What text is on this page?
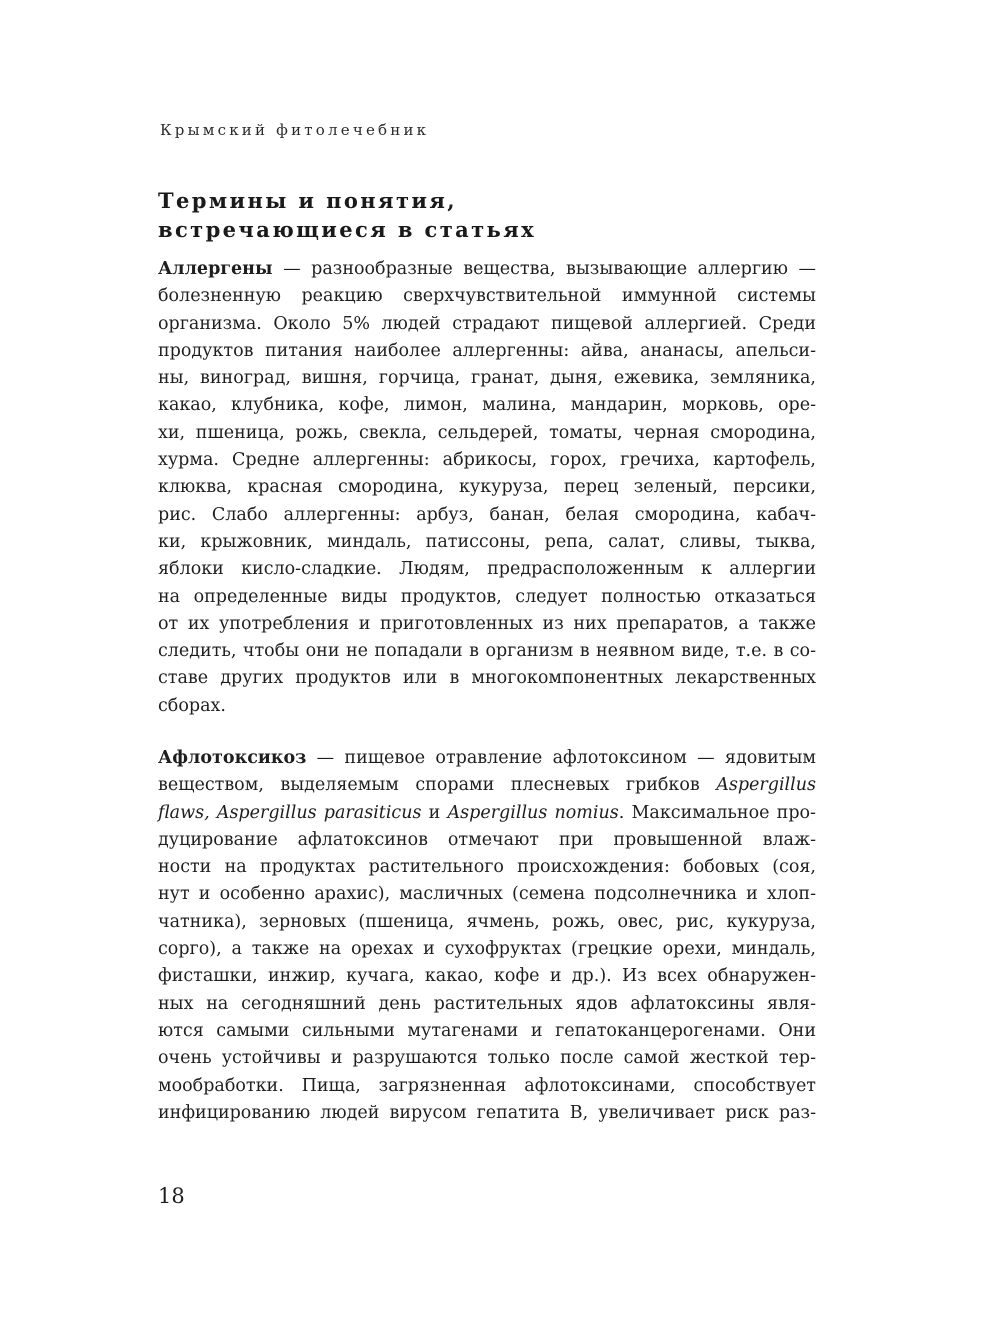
Крымский фитолечебник
Термины и понятия,
встречающиеся в статьях
Аллергены — разнообразные вещества, вызывающие аллергию —
болезненную реакцию сверхчувствительной иммунной системы
организма. Около 5% людей страдают пищевой аллергией. Среди
продуктов питания наиболее аллергенны: айва, ананасы, апельси-
ны, виноград, вишня, горчица, гранат, дыня, ежевика, земляника,
какао, клубника, кофе, лимон, малина, мандарин, морковь, оре-
хи, пшеница, рожь, свекла, сельдерей, томаты, черная смородина,
хурма. Средне аллергенны: абрикосы, горох, гречиха, картофель,
клюква, красная смородина, кукуруза, перец зеленый, персики,
рис. Слабо аллергенны: арбуз, банан, белая смородина, кабач-
ки, крыжовник, миндаль, патиссоны, репа, салат, сливы, тыква,
яблоки кисло-сладкие. Людям, предрасположенным к аллергии
на определенные виды продуктов, следует полностью отказаться
от их употребления и приготовленных из них препаратов, а также
следить, чтобы они не попадали в организм в неявном виде, т.е. в со-
ставе других продуктов или в многокомпонентных лекарственных
сборах.
Афлотоксикоз — пищевое отравление афлотоксином — ядовитым
веществом, выделяемым спорами плесневых грибков Aspergillus
flaws, Aspergillus parasiticus и Aspergillus nomius. Максимальное про-
дуцирование афлатоксинов отмечают при провышенной влаж-
ности на продуктах растительного происхождения: бобовых (соя,
нут и особенно арахис), масличных (семена подсолнечника и хлоп-
чатника), зерновых (пшеница, ячмень, рожь, овес, рис, кукуруза,
сорго), а также на орехах и сухофруктах (грецкие орехи, миндаль,
фисташки, инжир, кучага, какао, кофе и др.). Из всех обнаружен-
ных на сегодняшний день растительных ядов афлатоксины явля-
ются самыми сильными мутагенами и гепатоканцерогенами. Они
очень устойчивы и разрушаются только после самой жесткой тер-
мообработки. Пища, загрязненная афлотоксинами, способствует
инфицированию людей вирусом гепатита В, увеличивает риск раз-
18
